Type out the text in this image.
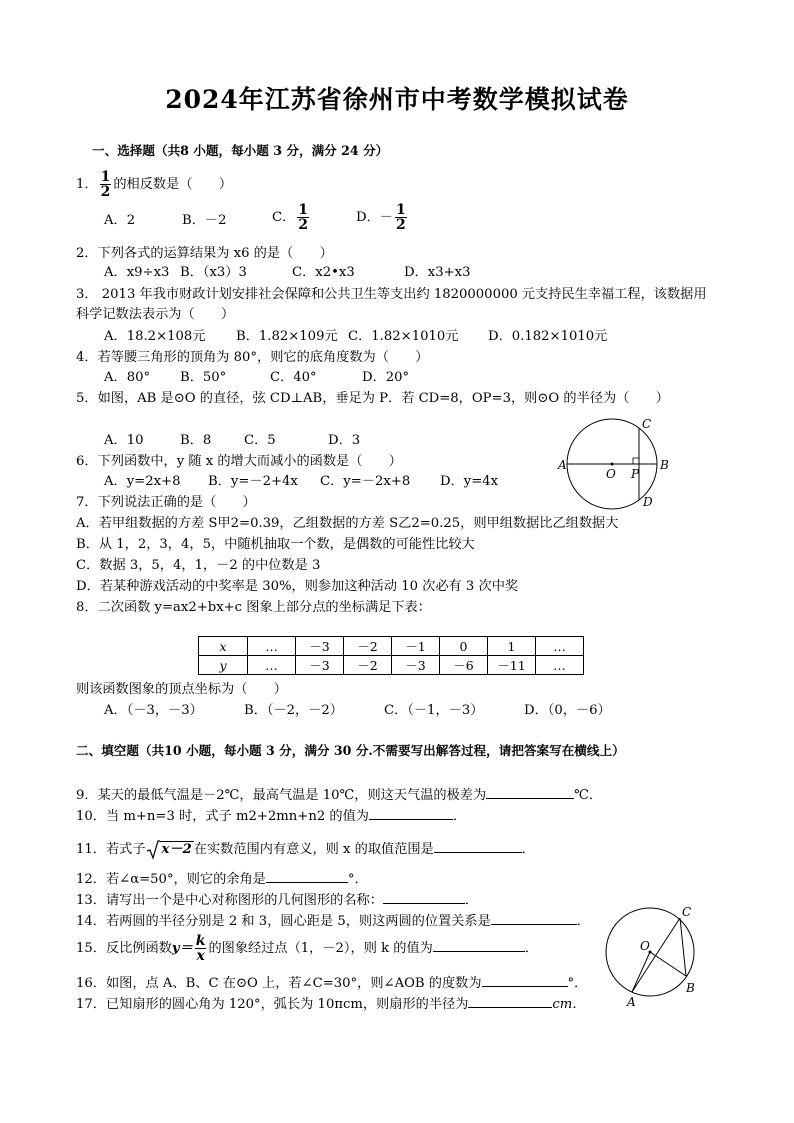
2024年江苏省徐州市中考数学模拟试卷
一、选择题（共8 小题，每小题 3 分，满分 24 分）
1． $\frac{1}{2}$ 的相反数是（　　）
A．2	B．－2	C． $\frac{1}{2}$	D．－ $\frac{1}{2}$
2．下列各式的运算结果为 x6 的是（　　）
A．x9÷x3 B．（x3）3	C．x2•x3	D．x3+x3
3． 2013 年我市财政计划安排社会保障和公共卫生等支出约 1820000000 元支持民生幸福工程，该数据用
科学记数法表示为（　　）
A．18.2×108元 B．1.82×109元 C．1.82×1010元 D．0.182×1010元
4．若等腰三角形的顶角为 80°，则它的底角度数为（　　）
A．80° B．50°	C．40°	D．20°
5．如图，AB 是⊙O 的直径，弦 CD⊥AB，垂足为 P．若 CD=8，OP=3，则⊙O 的半径为（　　）
A．10	B．8 C．5	D．3
A	B
C
D
O P
6．下列函数中，y 随 x 的增大而减小的函数是（　　）
A．y=2x+8 B．y=－2+4x C．y=－2x+8 D．y=4x
7．下列说法正确的是（　　）
A．若甲组数据的方差 S甲2=0.39，乙组数据的方差 S乙2=0.25，则甲组数据比乙组数据大
B．从 1，2，3，4，5，中随机抽取一个数，是偶数的可能性比较大
C．数据 3，5，4，1，－2 的中位数是 3
D．若某种游戏活动的中奖率是 30%，则参加这种活动 10 次必有 3 次中奖
8．二次函数 y=ax2+bx+c 图象上部分点的坐标满足下表：
x	…	－3	－2	－1	0	1	…
y	…	－3	－2	－3	－6	－11	…
则该函数图象的顶点坐标为（　　）
A．（－3，－3）	B．（－2，－2）	C．（－1，－3）	D．（0，－6）
二、填空题（共10 小题，每小题 3 分，满分 30 分.不需要写出解答过程，请把答案写在横线上）
9．某天的最低气温是－2℃，最高气温是 10℃，则这天气温的极差为	℃．
10．当 m+n=3 时，式子 m2+2mn+n2 的值为	．
11．若式子 x－2 在实数范围内有意义，则 x 的取值范围是	．
12．若∠α=50°，则它的余角是	°．
13．请写出一个是中心对称图形的几何图形的名称：	．
14．若两圆的半径分别是 2 和 3，圆心距是 5，则这两圆的位置关系是	．
15．反比例函数$y= \frac{k}{x}$ 的图象经过点（1，－2），则 k 的值为	．
16．如图，点 A、B、C 在⊙O 上，若∠C=30°，则∠AOB 的度数为	°．
17．已知扇形的圆心角为 120°，弧长为 10πcm，则扇形的半径为	cm．
O
A
B
C
